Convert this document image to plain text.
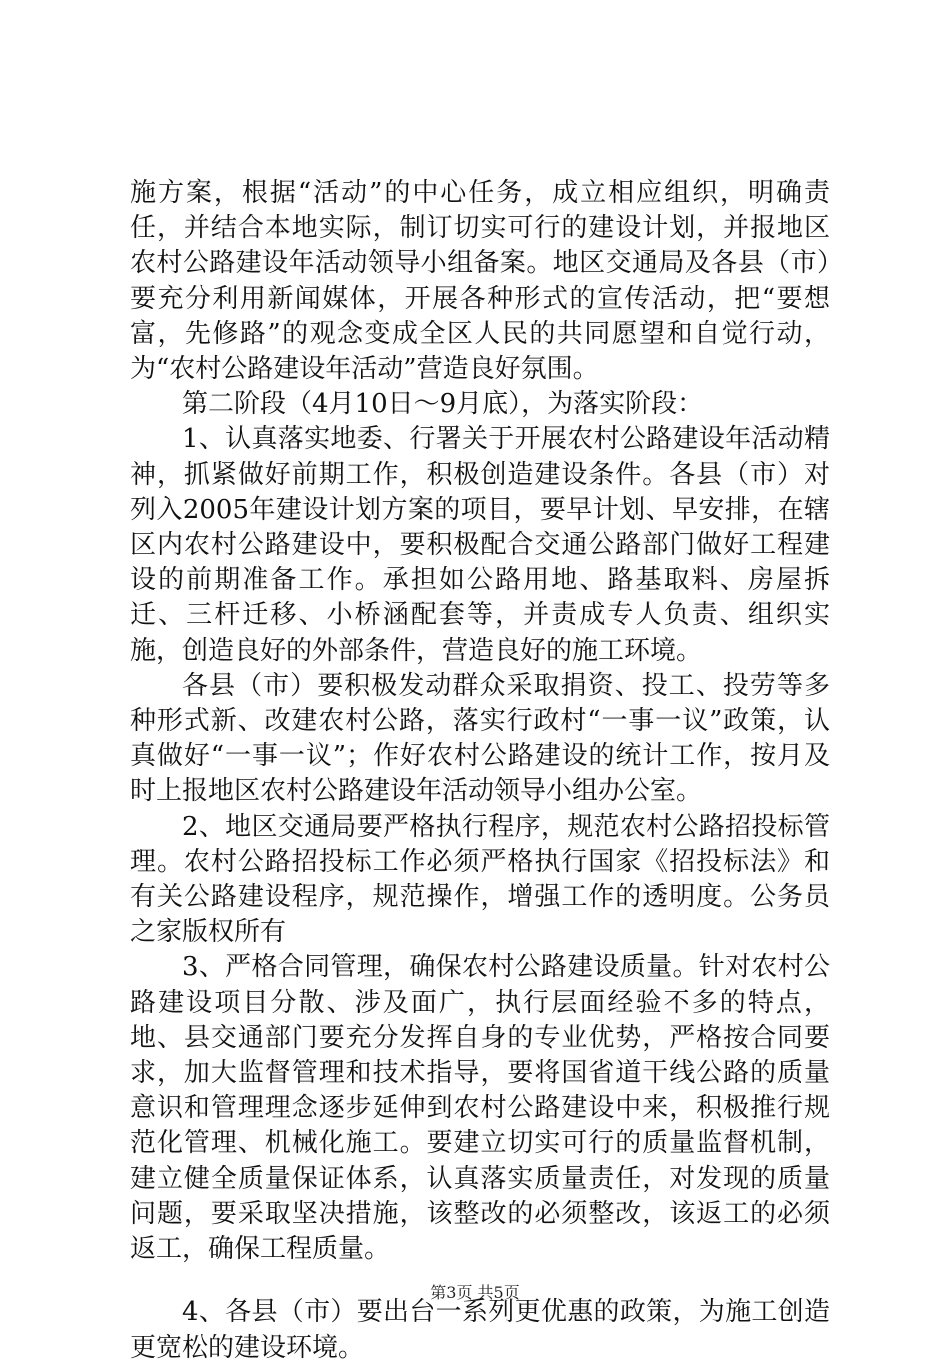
施方案，根据“活动”的中心任务，成立相应组织，明确责任，并结合本地实际，制订切实可行的建设计划，并报地区农村公路建设年活动领导小组备案。地区交通局及各县（市）要充分利用新闻媒体，开展各种形式的宣传活动，把“要想富，先修路”的观念变成全区人民的共同愿望和自觉行动，为“农村公路建设年活动”营造良好氛围。

第二阶段（4月10日～9月底），为落实阶段：

1、认真落实地委、行署关于开展农村公路建设年活动精神，抓紧做好前期工作，积极创造建设条件。各县（市）对列入2005年建设计划方案的项目，要早计划、早安排，在辖区内农村公路建设中，要积极配合交通公路部门做好工程建设的前期准备工作。承担如公路用地、路基取料、房屋拆迁、三杆迁移、小桥涵配套等，并责成专人负责、组织实施，创造良好的外部条件，营造良好的施工环境。

各县（市）要积极发动群众采取捐资、投工、投劳等多种形式新、改建农村公路，落实行政村“一事一议”政策，认真做好“一事一议”；作好农村公路建设的统计工作，按月及时上报地区农村公路建设年活动领导小组办公室。

2、地区交通局要严格执行程序，规范农村公路招投标管理。农村公路招投标工作必须严格执行国家《招投标法》和有关公路建设程序，规范操作，增强工作的透明度。公务员之家版权所有

3、严格合同管理，确保农村公路建设质量。针对农村公路建设项目分散、涉及面广，执行层面经验不多的特点，地、县交通部门要充分发挥自身的专业优势，严格按合同要求，加大监督管理和技术指导，要将国省道干线公路的质量意识和管理理念逐步延伸到农村公路建设中来，积极推行规范化管理、机械化施工。要建立切实可行的质量监督机制，建立健全质量保证体系，认真落实质量责任，对发现的质量问题，要采取坚决措施，该整改的必须整改，该返工的必须返工，确保工程质量。

4、各县（市）要出台一系列更优惠的政策，为施工创造更宽松的建设环境。

第3页 共5页
